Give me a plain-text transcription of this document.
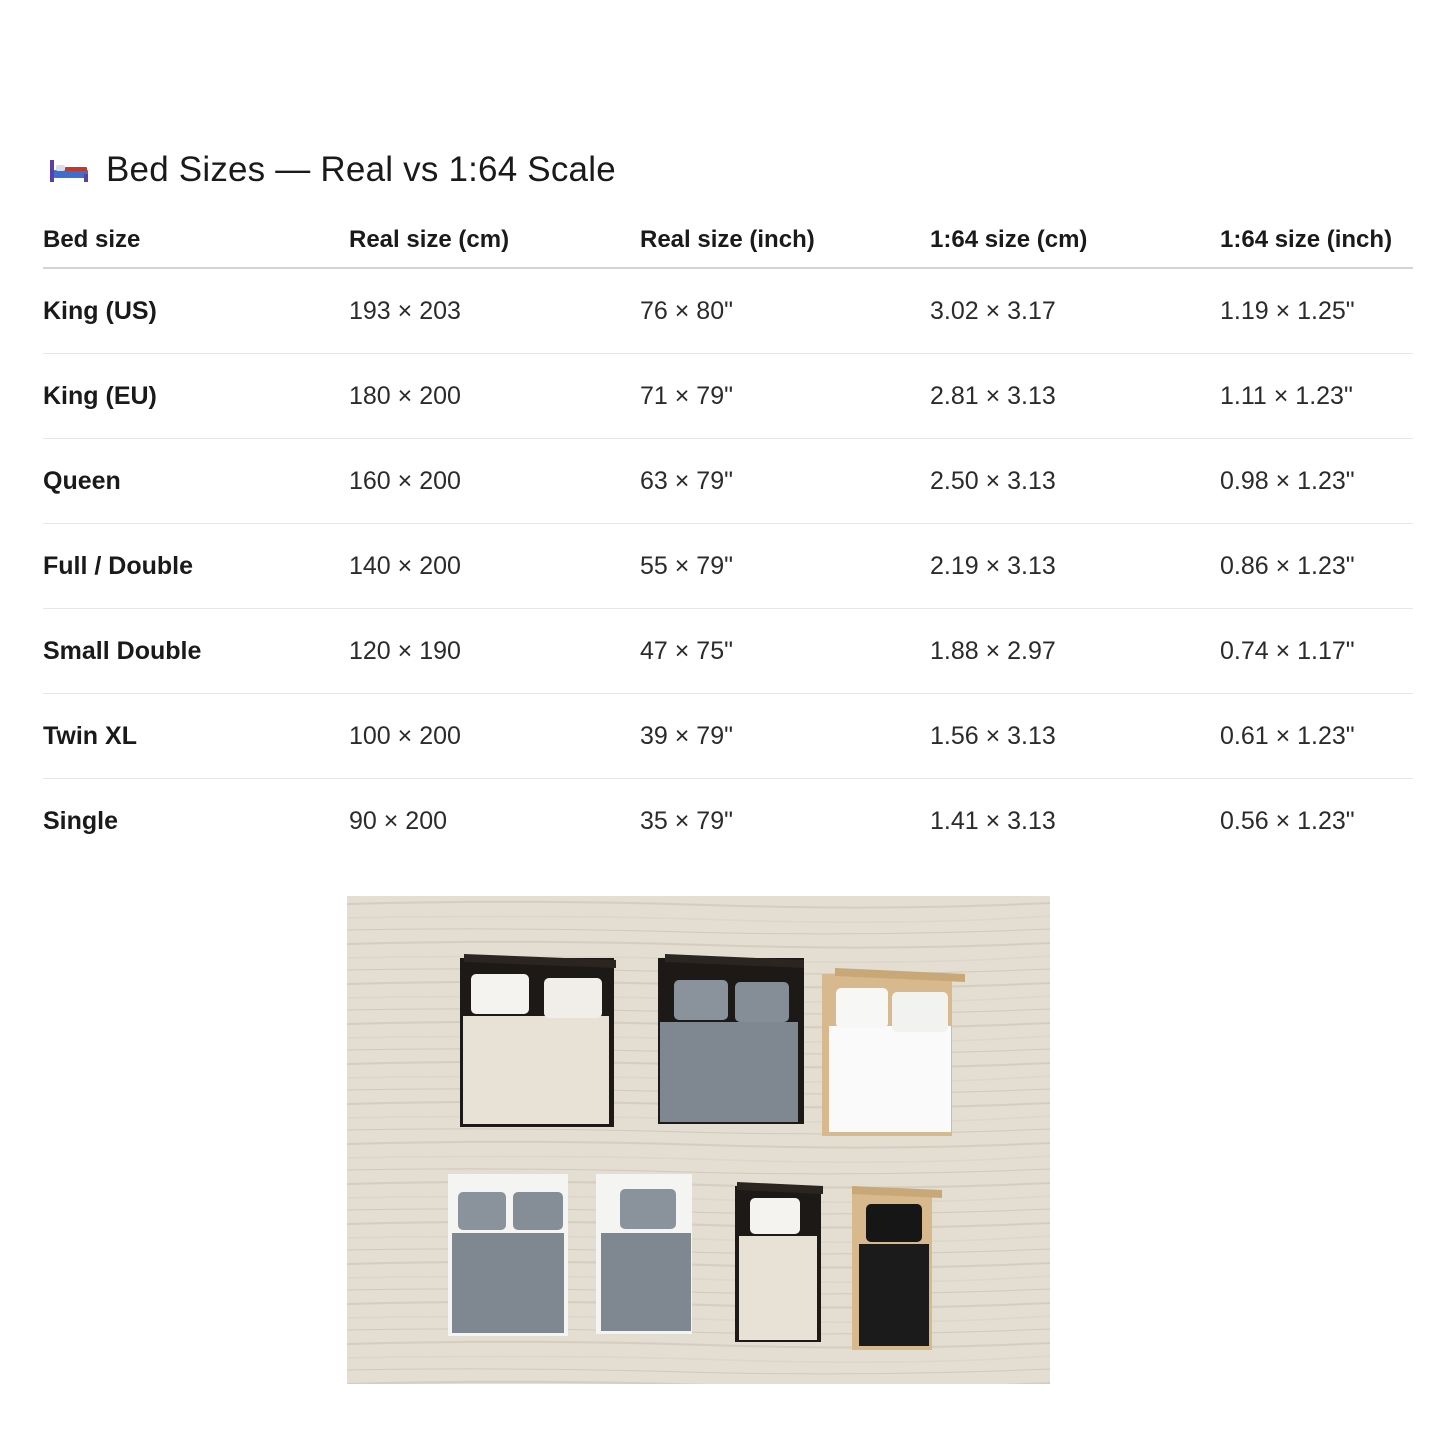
Bed Sizes — Real vs 1:64 Scale
Bed size	Real size (cm)	Real size (inch)	1:64 size (cm)	1:64 size (inch)
King (US)	193 × 203	76 × 80"	3.02 × 3.17	1.19 × 1.25"
King (EU)	180 × 200	71 × 79"	2.81 × 3.13	1.11 × 1.23"
Queen	160 × 200	63 × 79"	2.50 × 3.13	0.98 × 1.23"
Full / Double	140 × 200	55 × 79"	2.19 × 3.13	0.86 × 1.23"
Small Double	120 × 190	47 × 75"	1.88 × 2.97	0.74 × 1.17"
Twin XL	100 × 200	39 × 79"	1.56 × 3.13	0.61 × 1.23"
Single	90 × 200	35 × 79"	1.41 × 3.13	0.56 × 1.23"
